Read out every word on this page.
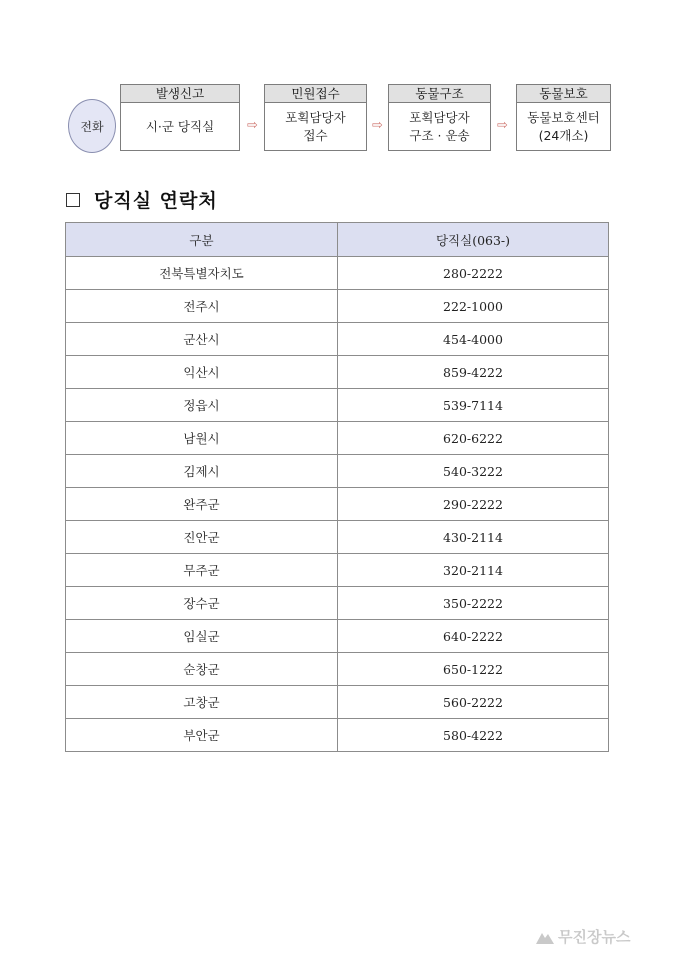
전화
발생신고
시·군 당직실	⇨
민원접수
포획담당자
접수
⇨
동물구조
포획담당자
구조 · 운송
⇨
동물보호
동물보호센터
(24개소)
당직실 연락처
구분	당직실(063-)
전북특별자치도	280-2222
전주시	222-1000
군산시	454-4000
익산시	859-4222
정읍시	539-7114
남원시	620-6222
김제시	540-3222
완주군	290-2222
진안군	430-2114
무주군	320-2114
장수군	350-2222
임실군	640-2222
순창군	650-1222
고창군	560-2222
부안군	580-4222
무진장뉴스
